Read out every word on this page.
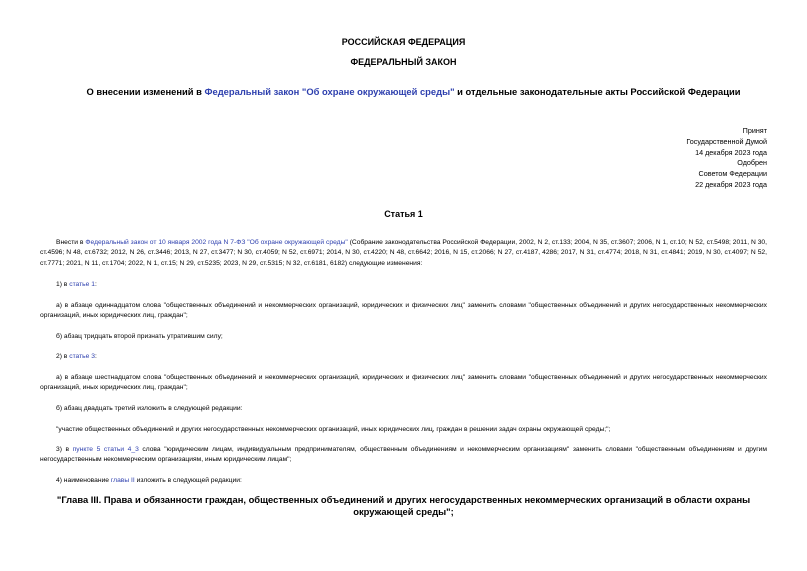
РОССИЙСКАЯ ФЕДЕРАЦИЯ
ФЕДЕРАЛЬНЫЙ ЗАКОН
О внесении изменений в Федеральный закон "Об охране окружающей среды" и отдельные законодательные акты Российской Федерации
Принят
Государственной Думой
14 декабря 2023 года
Одобрен
Советом Федерации
22 декабря 2023 года
Статья 1
Внести в Федеральный закон от 10 января 2002 года N 7-ФЗ "Об охране окружающей среды" (Собрание законодательства Российской Федерации, 2002, N 2, ст.133; 2004, N 35, ст.3607; 2006, N 1, ст.10; N 52, ст.5498; 2011, N 30, ст.4596; N 48, ст.6732; 2012, N 26, ст.3446; 2013, N 27, ст.3477; N 30, ст.4059; N 52, ст.6971; 2014, N 30, ст.4220; N 48, ст.6642; 2016, N 15, ст.2066; N 27, ст.4187, 4286; 2017, N 31, ст.4774; 2018, N 31, ст.4841; 2019, N 30, ст.4097; N 52, ст.7771; 2021, N 11, ст.1704; 2022, N 1, ст.15; N 29, ст.5235; 2023, N 29, ст.5315; N 32, ст.6181, 6182) следующие изменения:
1) в статье 1:
а) в абзаце одиннадцатом слова "общественных объединений и некоммерческих организаций, юридических и физических лиц" заменить словами "общественных объединений и других негосударственных некоммерческих организаций, иных юридических лиц, граждан";
б) абзац тридцать второй признать утратившим силу;
2) в статье 3:
а) в абзаце шестнадцатом слова "общественных объединений и некоммерческих организаций, юридических и физических лиц" заменить словами "общественных объединений и других негосударственных некоммерческих организаций, иных юридических лиц, граждан";
б) абзац двадцать третий изложить в следующей редакции:
"участие общественных объединений и других негосударственных некоммерческих организаций, иных юридических лиц, граждан в решении задач охраны окружающей среды;";
3) в пункте 5 статьи 4_3 слова "юридическим лицам, индивидуальным предпринимателям, общественным объединениям и некоммерческим организациям" заменить словами "общественным объединениям и другим негосударственным некоммерческим организациям, иным юридическим лицам";
4) наименование главы II изложить в следующей редакции:
"Глава III. Права и обязанности граждан, общественных объединений и других негосударственных некоммерческих организаций в области охраны окружающей среды";
